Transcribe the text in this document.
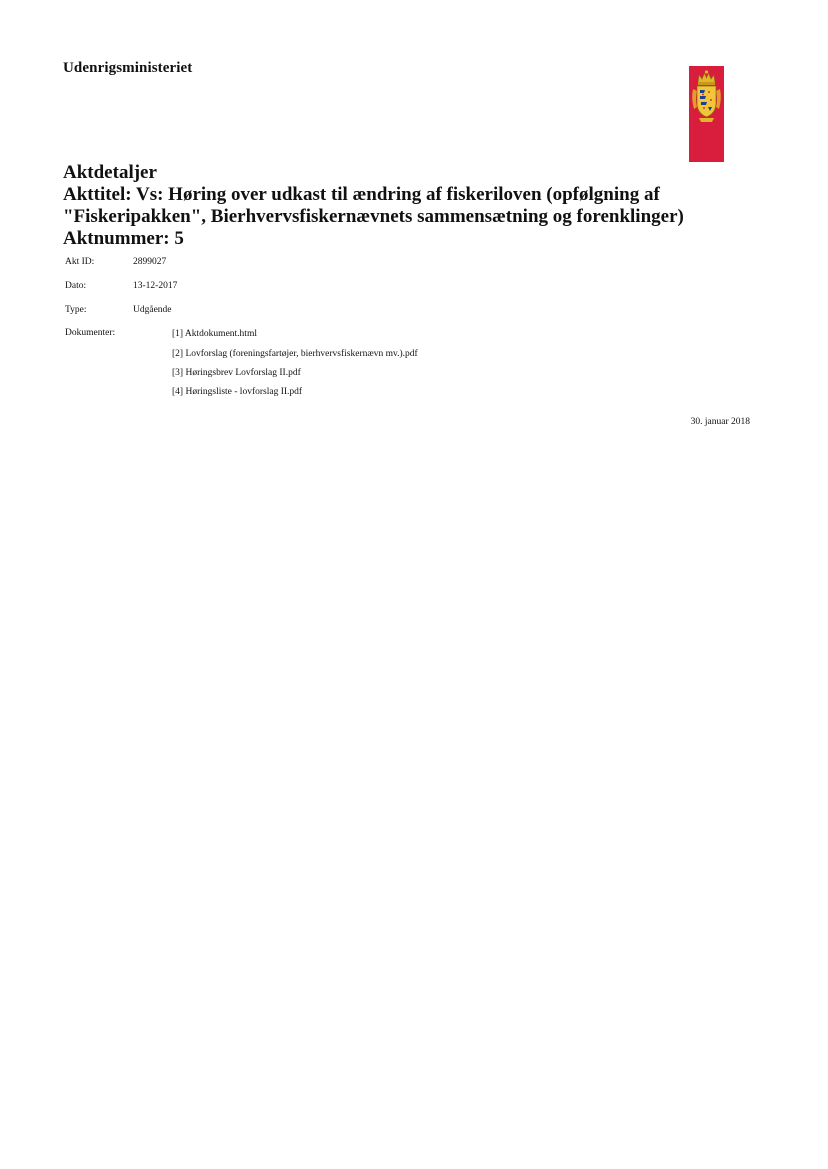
Udenrigsministeriet
Aktdetaljer
Akttitel: Vs: Høring over udkast til ændring af fiskeriloven (opfølgning af
"Fiskeripakken", Bierhvervsfiskernævnets sammensætning og forenklinger)
Aktnummer: 5
Akt ID:	2899027
Dato:	13-12-2017
Type:	Udgående
Dokumenter:	[1] Aktdokument.html
[2] Lovforslag (foreningsfartøjer, bierhvervsfiskernævn mv.).pdf
[3] Høringsbrev Lovforslag II.pdf
[4] Høringsliste - lovforslag II.pdf
30. januar 2018
